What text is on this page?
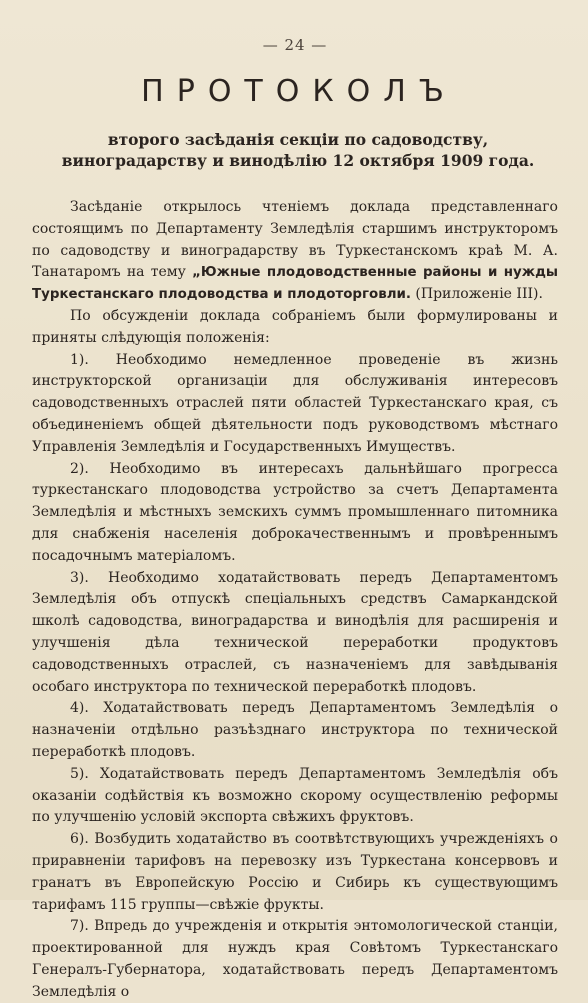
— 24 —
ПРОТОКОЛЪ
второго засѣданія секціи по садоводству, виноградарству и винодѣлію 12 октября 1909 года.

Засѣданіе открылось чтеніемъ доклада представленнаго состоящимъ по Департаменту Земледѣлія старшимъ инструкторомъ по садоводству и виноградарству въ Туркестанскомъ краѣ М. А. Танатаромъ на тему „Южные плодоводственные районы и нужды Туркестанскаго плодоводства и плодоторговли. (Приложеніе III).

По обсужденіи доклада собраніемъ были формулированы и приняты слѣдующія положенія:

1). Необходимо немедленное проведеніе въ жизнь инструкторской организаціи для обслуживанія интересовъ садоводственныхъ отраслей пяти областей Туркестанскаго края, съ объединеніемъ общей дѣятельности подъ руководствомъ мѣстнаго Управленія Земледѣлія и Государственныхъ Имуществъ.

2). Необходимо въ интересахъ дальнѣйшаго прогресса туркестанскаго плодоводства устройство за счетъ Департамента Земледѣлія и мѣстныхъ земскихъ суммъ промышленнаго питомника для снабженія населенія доброкачественнымъ и провѣреннымъ посадочнымъ матеріаломъ.

3). Необходимо ходатайствовать передъ Департаментомъ Земледѣлія объ отпускѣ спеціальныхъ средствъ Самаркандской школѣ садоводства, виноградарства и винодѣлія для расширенія и улучшенія дѣла технической переработки продуктовъ садоводственныхъ отраслей, съ назначеніемъ для завѣдыванія особаго инструктора по технической переработкѣ плодовъ.

4). Ходатайствовать передъ Департаментомъ Земледѣлія о назначеніи отдѣльно разъѣзднаго инструктора по технической переработкѣ плодовъ.

5). Ходатайствовать передъ Департаментомъ Земледѣлія объ оказаніи содѣйствія къ возможно скорому осуществленію реформы по улучшенію условій экспорта свѣжихъ фруктовъ.

6). Возбудить ходатайство въ соотвѣтствующихъ учрежденіяхъ о приравненіи тарифовъ на перевозку изъ Туркестана консервовъ и гранатъ въ Европейскую Россію и Сибирь къ существующимъ тарифамъ 115 группы—свѣжіе фрукты.

7). Впредь до учрежденія и открытія энтомологической станціи, проектированной для нуждъ края Совѣтомъ Туркестанскаго Генералъ-Губернатора, ходатайствовать передъ Департаментомъ Земледѣлія о
